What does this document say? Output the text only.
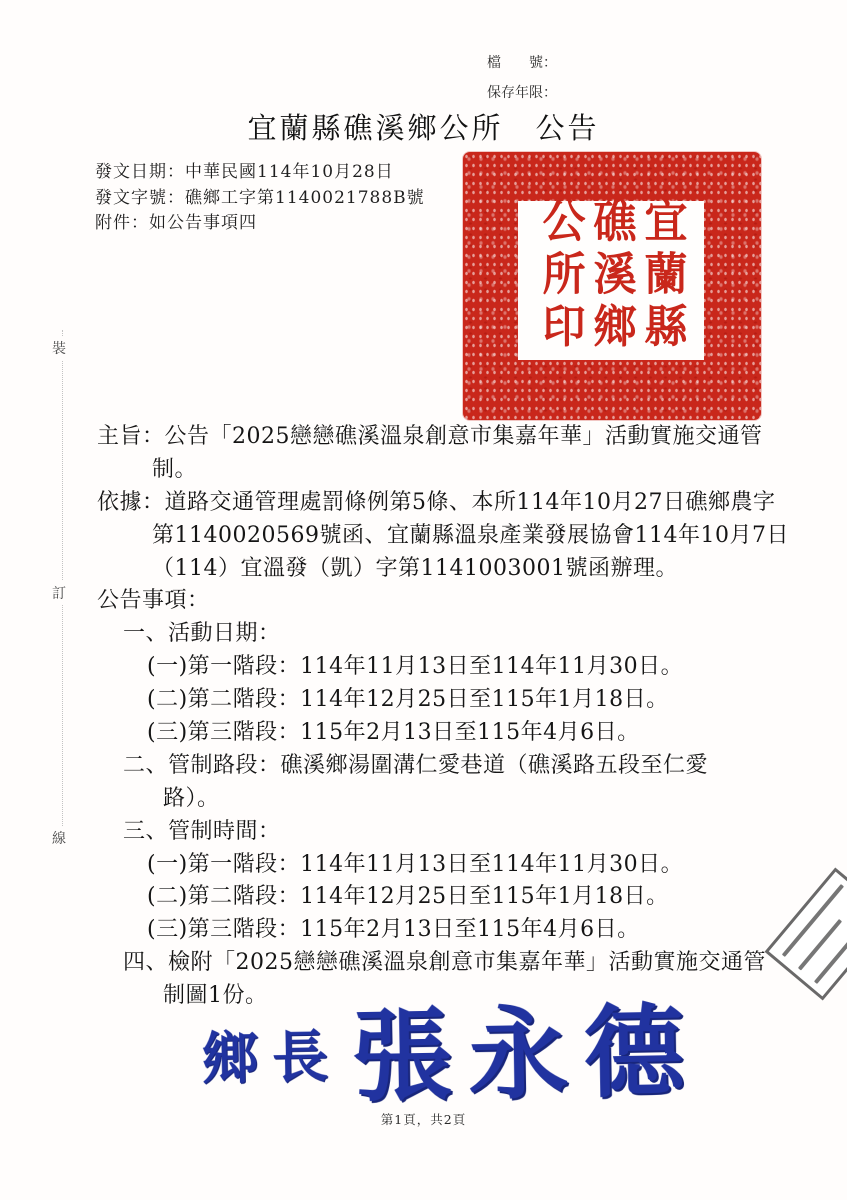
檔　　號：
保存年限：
宜蘭縣礁溪鄉公所　公告
發文日期：中華民國114年10月28日
發文字號：礁鄉工字第1140021788B號
附件：如公告事項四	宜蘭縣礁溪鄉公所印
裝
訂
線
主旨：公告「2025戀戀礁溪溫泉創意市集嘉年華」活動實施交通管
制。
依據：道路交通管理處罰條例第5條、本所114年10月27日礁鄉農字
第1140020569號函、宜蘭縣溫泉產業發展協會114年10月7日
（114）宜溫發（凱）字第1141003001號函辦理。
公告事項：
一、活動日期：
(一)第一階段：114年11月13日至114年11月30日。
(二)第二階段：114年12月25日至115年1月18日。
(三)第三階段：115年2月13日至115年4月6日。
二、管制路段：礁溪鄉湯圍溝仁愛巷道（礁溪路五段至仁愛
路）。
三、管制時間：
(一)第一階段：114年11月13日至114年11月30日。
(二)第二階段：114年12月25日至115年1月18日。
(三)第三階段：115年2月13日至115年4月6日。
四、檢附「2025戀戀礁溪溫泉創意市集嘉年華」活動實施交通管
制圖1份。
鄉長 張永德
第1頁，共2頁
